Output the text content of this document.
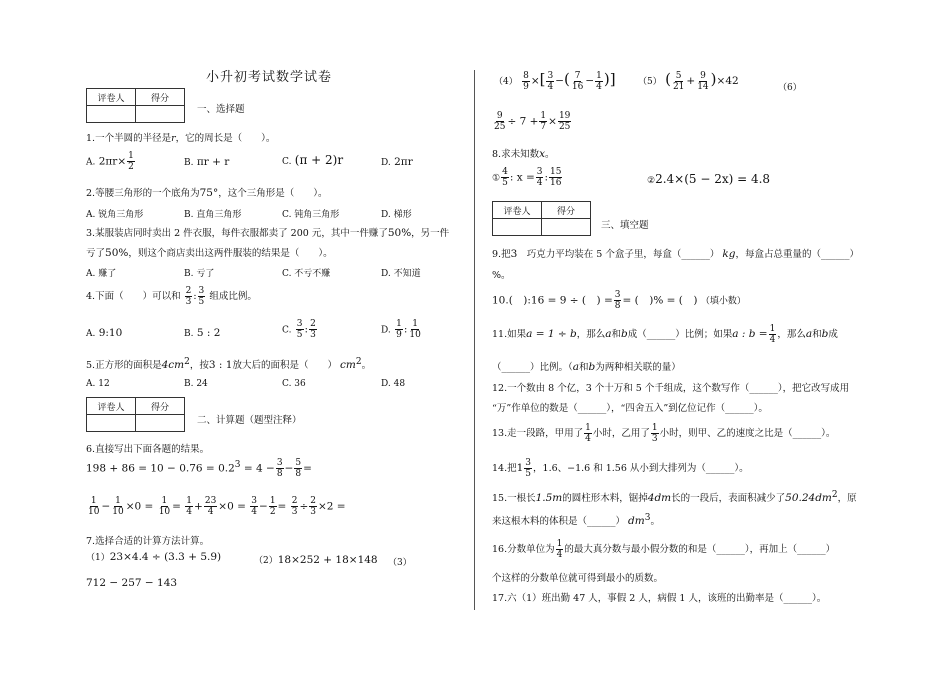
小升初考试数学试卷
评卷人	得分

一、选择题
1.一个半圆的半径是r，它的周长是（　　）。
A. $2\pi r\times \frac{1}{2}$	B. πr + r	C. (π + 2)r	D. 2πr
2.等腰三角形的一个底角为75°，这个三角形是（　　）。
A. 锐角三角形	B. 直角三角形	C. 钝角三角形	D. 梯形
3.某服装店同时卖出 2 件衣服，每件衣服都卖了 200 元，其中一件赚了50%，另一件
亏了50%，则这个商店卖出这两件服装的结果是（　　）。
A. 赚了	B. 亏了	C. 不亏不赚	D. 不知道
4.下面（　　）可以和 $\frac{2}{3}$ : $\frac{3}{5}$ 组成比例。
A. 9:10	B. 5 : 2	C. $\frac{3}{5}$ : $\frac{2}{3}$	D. $\frac{1}{9}$ : $\frac{1}{10}$
5.正方形的面积是$4cm^2$，按3 : 1放大后的面积是（　　） $cm^2$。
A. 12	B. 24	C. 36	D. 48
评卷人	得分

二、计算题（题型注释）
6.直接写出下面各题的结果。
$198 + 86 = 10 - 0.76 = 0.2^3 = 4 - \frac{3}{8} - \frac{5}{8}$ =
$\frac{1}{10} - \frac{1}{10} \times 0 = \frac{1}{10} = \frac{1}{4} + \frac{23}{4} \times 0 = \frac{3}{4} - \frac{1}{2} = \frac{2}{3} \div \frac{2}{3} \times 2$ =
7.选择合适的计算方法计算。
（1）23×4.4 ÷ (3.3 + 5.9)	（2）18×252 + 18×148 （3）
712 − 257 − 143
$(4) \frac{8}{9}$ ×[ $\frac{3}{4}$ −( $\frac{7}{16} - \frac{1}{4}$ )] （5） ( $\frac{5}{21} + \frac{9}{14} )\times 42$
（6）
$\frac{9}{25} \div 7 + \frac{1}{7} \times \frac{19}{25}$
8.求未知数x。
① $\frac{4}{5}$ : $x = \frac{3}{4}$ : $\frac{15}{16}$	②2.4×(5 − 2x) = 4.8
评卷人	得分

三、填空题
9.把3　 巧克力平均装在 5 个盒子里，每盒（______） kg，每盒占总重量的（______）
%。
10.(　):16 = 9 ÷ (　) = $\frac{3}{8}$ = (　)% = (　) （填小数）
11.如果a = 1 ÷ b，那么a和b成（______）比例；如果a : $b = \frac{1}{4}$ ，那么a和b成
（______）比例。（a和b为两种相关联的量）
12.一个数由 8 个亿，3 个十万和 5 个千组成，这个数写作（______），把它改写成用
“万”作单位的数是（______），“四舍五入”到亿位记作（______）。
13.走一段路，甲用了 $\frac{1}{4}$ 小时，乙用了 $\frac{1}{3}$ 小时，则甲、乙的速度之比是（______）。
14.把$1 \frac{3}{5}$ ，1.6、−1.6 和 1.56 从小到大排列为（______）。
15.一根长1.5m的圆柱形木料，锯掉4dm长的一段后，表面积减少了$50.24dm^2$，原
来这根木料的体积是（______） $dm^3$。
16.分数单位为 $\frac{1}{4}$ 的最大真分数与最小假分数的和是（______），再加上（______）
个这样的分数单位就可得到最小的质数。
17.六（1）班出勤 47 人，事假 2 人，病假 1 人，该班的出勤率是（______）。
